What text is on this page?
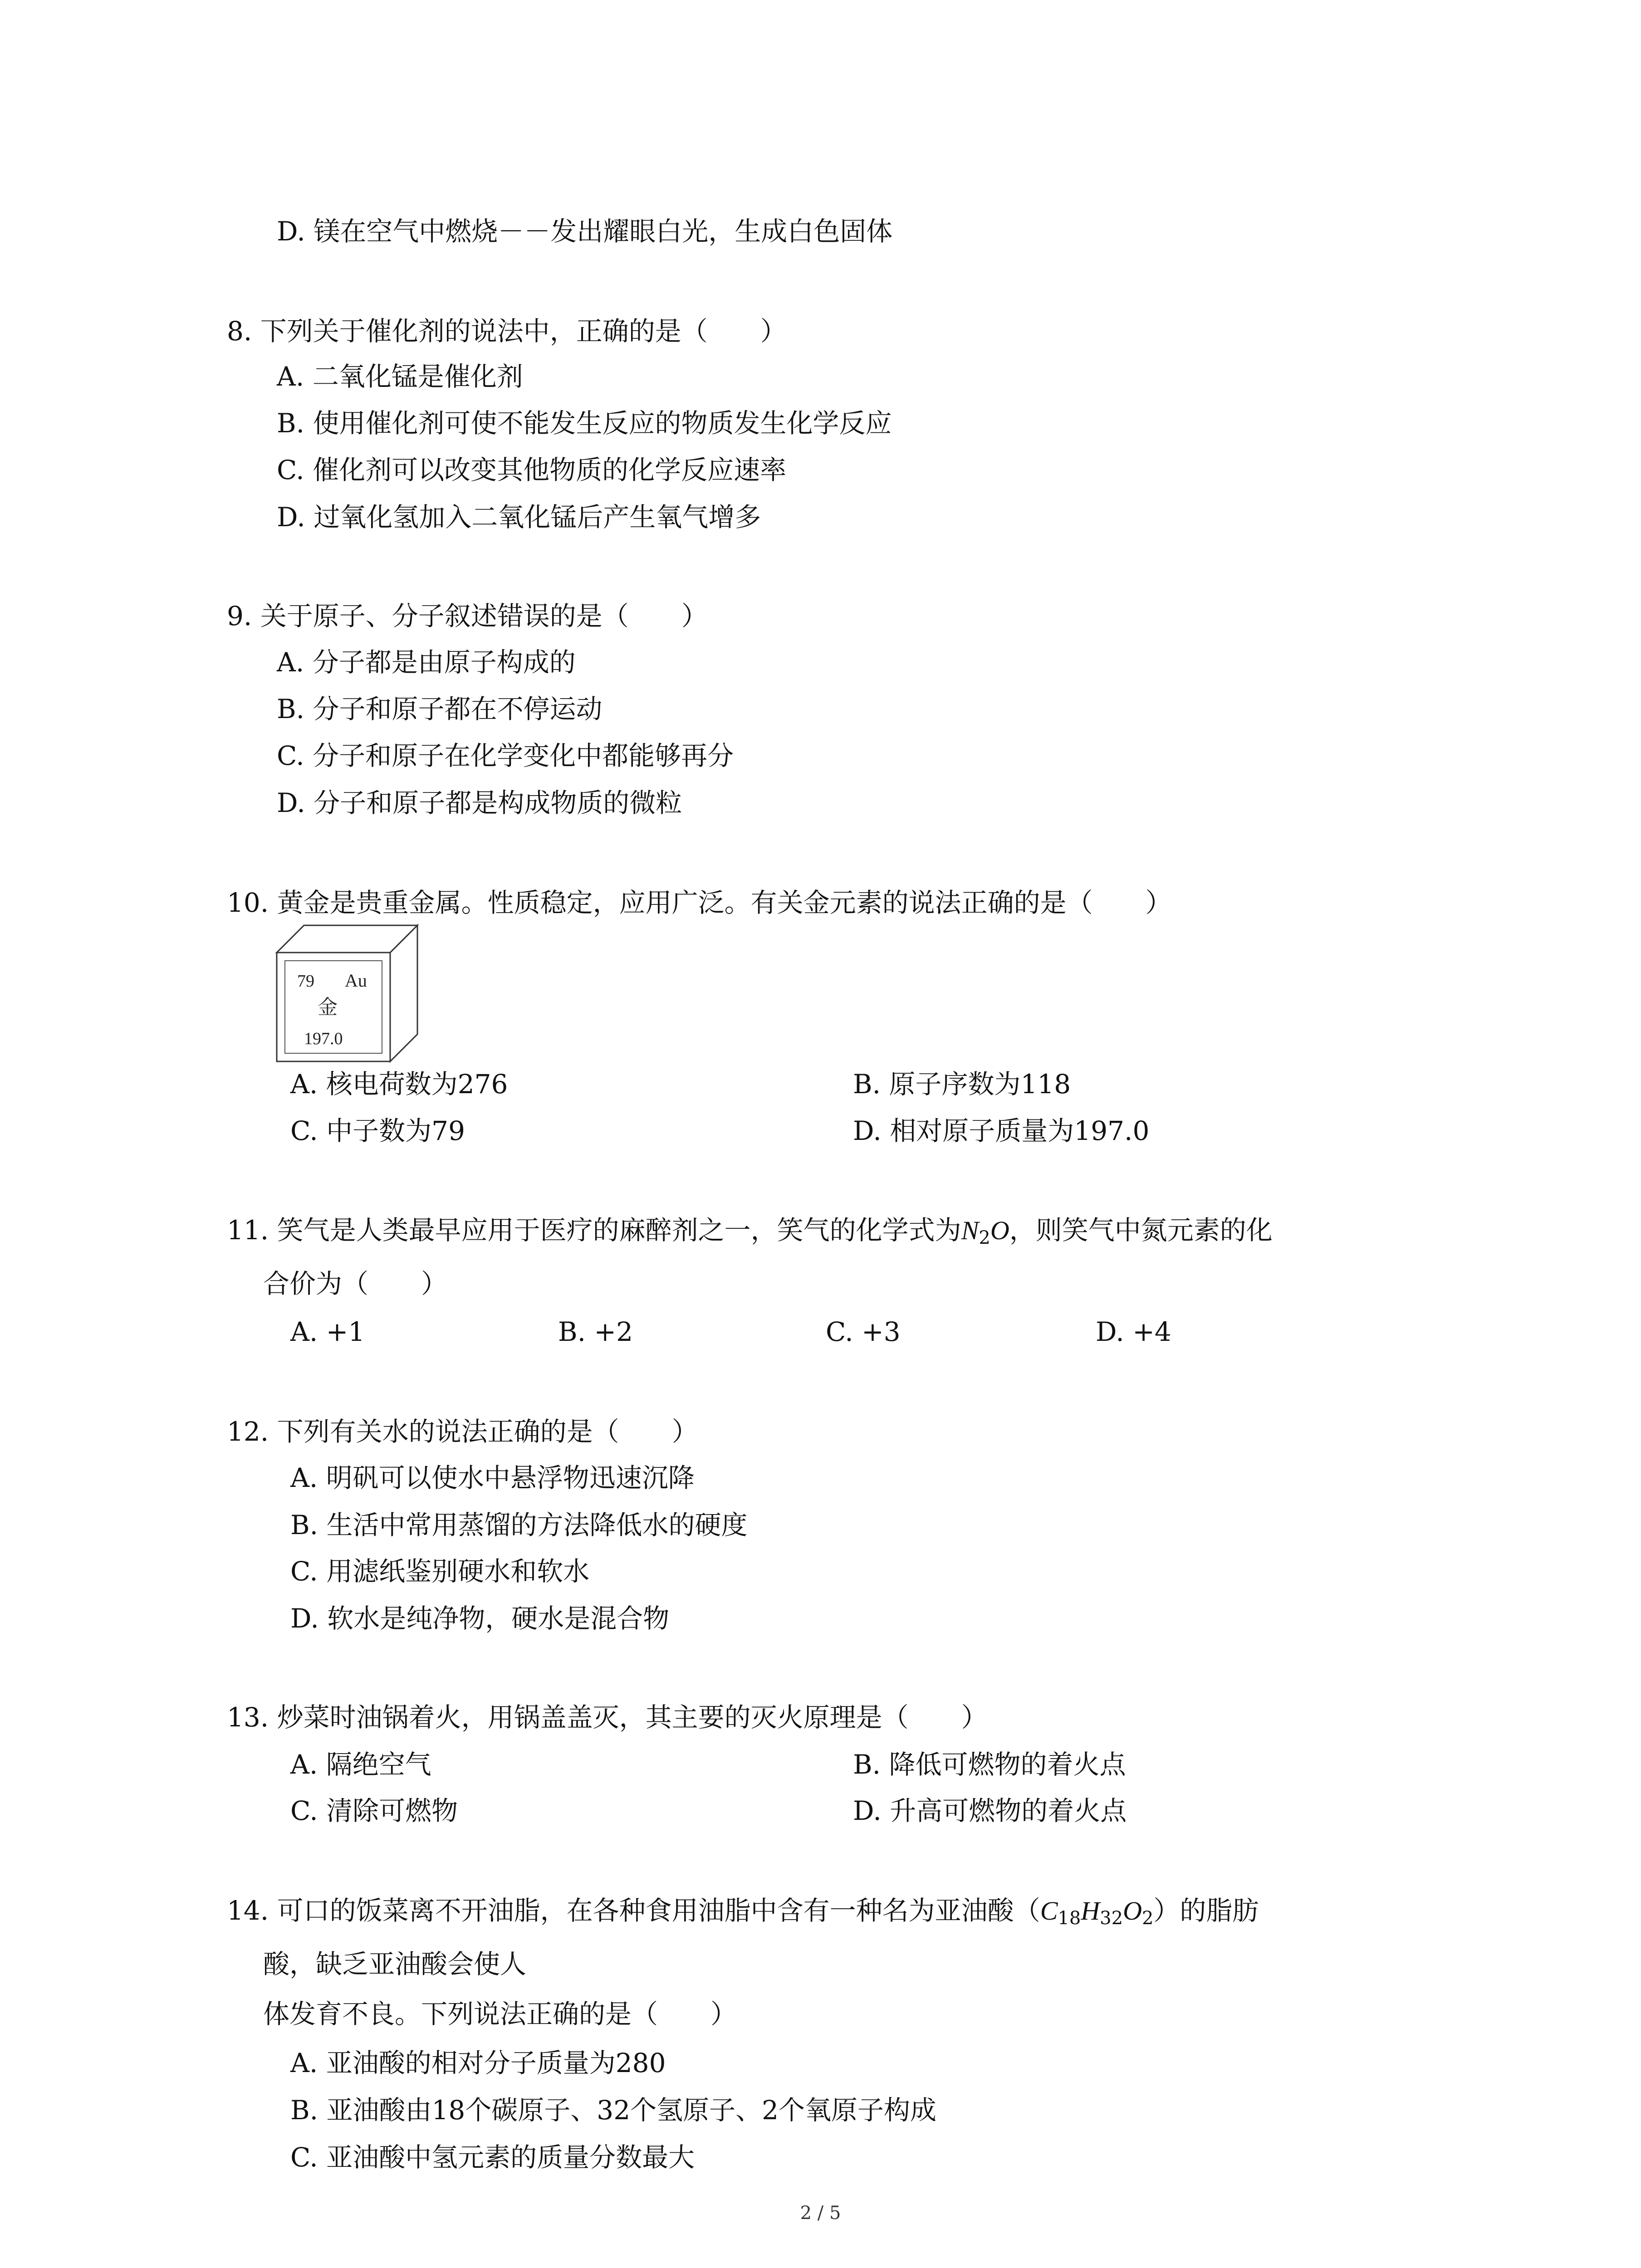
D. 镁在空气中燃烧－－发出耀眼白光，生成白色固体
8. 下列关于催化剂的说法中，正确的是（　　）
A. 二氧化锰是催化剂
B. 使用催化剂可使不能发生反应的物质发生化学反应
C. 催化剂可以改变其他物质的化学反应速率
D. 过氧化氢加入二氧化锰后产生氧气增多
9. 关于原子、分子叙述错误的是（　　）
A. 分子都是由原子构成的
B. 分子和原子都在不停运动
C. 分子和原子在化学变化中都能够再分
D. 分子和原子都是构成物质的微粒
10. 黄金是贵重金属。性质稳定，应用广泛。有关金元素的说法正确的是（　　）
79 Au
金
197.0
A. 核电荷数为276	B. 原子序数为118
C. 中子数为79	D. 相对原子质量为197.0
11. 笑气是人类最早应用于医疗的麻醉剂之一，笑气的化学式为$N_2O$，则笑气中氮元素的化
合价为（　　）
A. +1	B. +2	C. +3	D. +4
12. 下列有关水的说法正确的是（　　）
A. 明矾可以使水中悬浮物迅速沉降
B. 生活中常用蒸馏的方法降低水的硬度
C. 用滤纸鉴别硬水和软水
D. 软水是纯净物，硬水是混合物
13. 炒菜时油锅着火，用锅盖盖灭，其主要的灭火原理是（　　）
A. 隔绝空气	B. 降低可燃物的着火点
C. 清除可燃物	D. 升高可燃物的着火点
14. 可口的饭菜离不开油脂，在各种食用油脂中含有一种名为亚油酸$(C_{18}H_{32}O_2)$的脂肪
酸，缺乏亚油酸会使人
体发育不良。下列说法正确的是（　　）
A. 亚油酸的相对分子质量为280
B. 亚油酸由18个碳原子、32个氢原子、2个氧原子构成
C. 亚油酸中氢元素的质量分数最大
2 / 5
